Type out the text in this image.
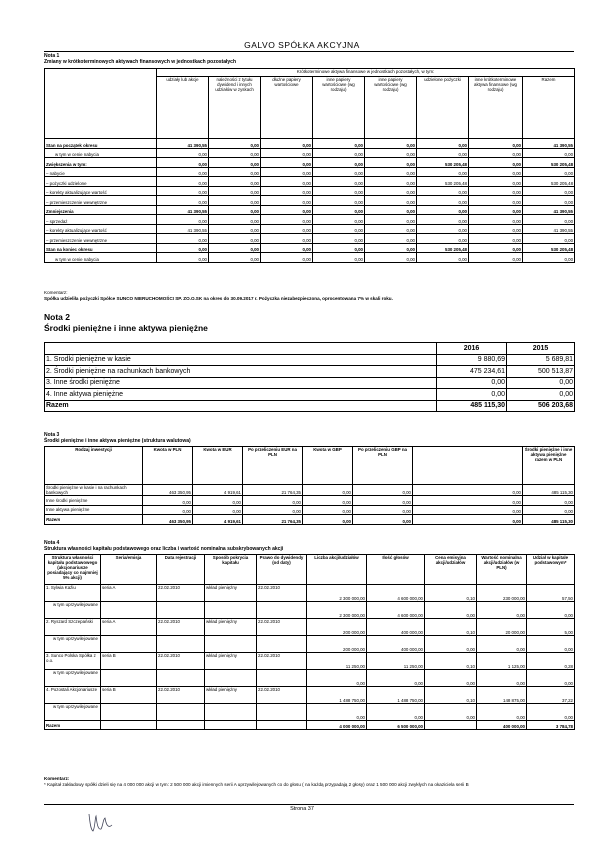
GALVO SPÓŁKA AKCYJNA
Nota 1
Zmiany w krótkoterminowych aktywach finansowych w jednostkach pozostałych
	Krótkoterminowe aktywa finansowe w jednostkach pozostałych, w tym:							
	udziały lub akcje	należności z tytułu dywidend i innych udziałów w zyskach	dłużne papiery wartościowe	inne papiery wartościowe (wg rodzaju)	inne papiery wartościowe (wg rodzaju)	udzielone pożyczki	inne krótkoterminowe aktywa finansowe (wg rodzaju)	Razem
Stan na początek okresu	41 390,55	0,00	0,00	0,00	0,00	0,00	0,00	41 390,55
w tym w cenie nabycia	0,00	0,00	0,00	0,00	0,00	0,00	0,00	0,00
Zwiększenia w tym:	0,00	0,00	0,00	0,00	0,00	530 205,48	0,00	530 205,48
– nabycie	0,00	0,00	0,00	0,00	0,00	0,00	0,00	0,00
– pożyczki udzielone	0,00	0,00	0,00	0,00	0,00	530 205,48	0,00	530 205,48
– korekty aktualizujące wartość	0,00	0,00	0,00	0,00	0,00	0,00	0,00	0,00
– przemieszczenie wewnętrzne	0,00	0,00	0,00	0,00	0,00	0,00	0,00	0,00
Zmniejszenia	41 390,55	0,00	0,00	0,00	0,00	0,00	0,00	41 390,55
– sprzedaż	0,00	0,00	0,00	0,00	0,00	0,00	0,00	0,00
– korekty aktualizujące wartość	41 390,55	0,00	0,00	0,00	0,00	0,00	0,00	41 390,55
– przemieszczenie wewnętrzne	0,00	0,00	0,00	0,00	0,00	0,00	0,00	0,00
Stan na koniec okresu	0,00	0,00	0,00	0,00	0,00	530 205,48	0,00	530 205,48
w tym w cenie nabycia	0,00	0,00	0,00	0,00	0,00	0,00	0,00	0,00
Komentarz:
Spółka udzieliła pożyczki Spółce SUNCO NIERUCHOMOŚCI SP. ZO.O.SK na okres do 30.09.2017 r. Pożyczka niezabezpieczona, oprocentowana 7% w skali roku.
Nota 2
Środki pieniężne i inne aktywa pieniężne
	2016	2015
1. Środki pieniężne w kasie	9 880,69	5 689,81
2. Środki pieniężne na rachunkach bankowych	475 234,61	500 513,87
3. Inne środki pieniężne	0,00	0,00
4. Inne aktywa pieniężne	0,00	0,00
Razem	485 115,30	506 203,68
Nota 3
Środki pieniężne i inne aktywa pieniężne (struktura walutowa)
Rodzaj inwestycji	Kwota w PLN	Kwota w EUR	Po przeliczeniu EUR na PLN	Kwota w GBP	Po przeliczeniu GBP na PLN		Środki pieniężne i inne aktywa pieniężne razem w PLN
Środki pieniężne w kasie i na rachunkach bankowych	463 350,95	4 919,61	21 764,35	0,00	0,00	0,00	485 115,30
Inne środki pieniężne	0,00	0,00	0,00	0,00	0,00	0,00	0,00
Inne aktywa pieniężne	0,00	0,00	0,00	0,00	0,00	0,00	0,00
Razem	463 350,95	4 919,61	21 764,35	0,00	0,00	0,00	485 115,30
Nota 4
Struktura własności kapitału podstawowego oraz liczba i wartość nominalna subskrybowanych akcji
Struktura własności kapitału podstawowego (akcjonariusze posiadający co najmniej 5% akcji)	Seria/emisja	Data rejestracji	Sposób pokrycia kapitału	Prawo do dywidendy (od daty)	Liczba akcji/udziałów	Ilość głosów	Cena emisyjna akcji/udziałów	Wartość nominalna akcji/udziałów (w PLN)	Udział w kapitale podstawowym*
1. Sylwia Kaźiu	seria A	22.02.2010	wkład pieniężny	22.02.2010	2 300 000,00	4 600 000,00	0,10	230 000,00	57,50
w tym uprzywilejowane					2 300 000,00	4 600 000,00	0,00	0,00	0,00
2. Ryszard Szczepański	seria A	22.02.2010	wkład pieniężny	22.02.2010	200 000,00	400 000,00	0,10	20 000,00	5,00
w tym uprzywilejowane					200 000,00	400 000,00	0,00	0,00	0,00
3. Sunco Polska Spółka z o.o.	seria B	22.02.2010	wkład pieniężny	22.02.2010	11 250,00	11 250,00	0,10	1 125,00	0,28
w tym uprzywilejowane					0,00	0,00	0,00	0,00	0,00
4. Pozostali Akcjonariusze	seria B	22.02.2010	wkład pieniężny	22.02.2010	1 488 750,00	1 488 750,00	0,10	148 875,00	37,22
w tym uprzywilejowane					0,00	0,00	0,00	0,00	0,00
Razem					4 000 000,00	6 500 000,00		400 000,00	3 784,78
Komentarz:
* Kapitał zakładowy spółki dzieli się na 4 000 000 akcji w tym: 2 500 000 akcji imiennych serii A uprzywilejowanych co do głosu ( na każdą przypadają 2 głosy) oraz 1 500 000 akcji zwykłych na okaziciela serii B
Strona 37
